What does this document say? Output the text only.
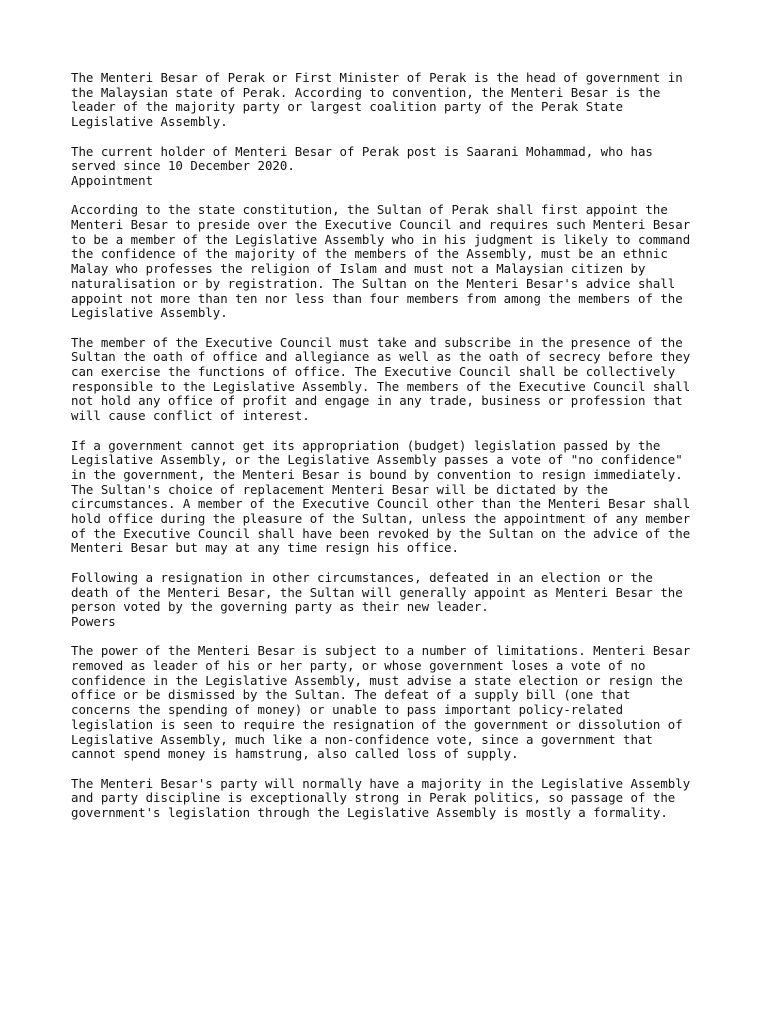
The Menteri Besar of Perak or First Minister of Perak is the head of government in
the Malaysian state of Perak. According to convention, the Menteri Besar is the
leader of the majority party or largest coalition party of the Perak State
Legislative Assembly.

The current holder of Menteri Besar of Perak post is Saarani Mohammad, who has
served since 10 December 2020.

Appointment

According to the state constitution, the Sultan of Perak shall first appoint the
Menteri Besar to preside over the Executive Council and requires such Menteri Besar
to be a member of the Legislative Assembly who in his judgment is likely to command
the confidence of the majority of the members of the Assembly, must be an ethnic
Malay who professes the religion of Islam and must not a Malaysian citizen by
naturalisation or by registration. The Sultan on the Menteri Besar's advice shall
appoint not more than ten nor less than four members from among the members of the
Legislative Assembly.

The member of the Executive Council must take and subscribe in the presence of the
Sultan the oath of office and allegiance as well as the oath of secrecy before they
can exercise the functions of office. The Executive Council shall be collectively
responsible to the Legislative Assembly. The members of the Executive Council shall
not hold any office of profit and engage in any trade, business or profession that
will cause conflict of interest.

If a government cannot get its appropriation (budget) legislation passed by the
Legislative Assembly, or the Legislative Assembly passes a vote of "no confidence"
in the government, the Menteri Besar is bound by convention to resign immediately.
The Sultan's choice of replacement Menteri Besar will be dictated by the
circumstances. A member of the Executive Council other than the Menteri Besar shall
hold office during the pleasure of the Sultan, unless the appointment of any member
of the Executive Council shall have been revoked by the Sultan on the advice of the
Menteri Besar but may at any time resign his office.

Following a resignation in other circumstances, defeated in an election or the
death of the Menteri Besar, the Sultan will generally appoint as Menteri Besar the
person voted by the governing party as their new leader.

Powers

The power of the Menteri Besar is subject to a number of limitations. Menteri Besar
removed as leader of his or her party, or whose government loses a vote of no
confidence in the Legislative Assembly, must advise a state election or resign the
office or be dismissed by the Sultan. The defeat of a supply bill (one that
concerns the spending of money) or unable to pass important policy-related
legislation is seen to require the resignation of the government or dissolution of
Legislative Assembly, much like a non-confidence vote, since a government that
cannot spend money is hamstrung, also called loss of supply.

The Menteri Besar's party will normally have a majority in the Legislative Assembly
and party discipline is exceptionally strong in Perak politics, so passage of the
government's legislation through the Legislative Assembly is mostly a formality.
